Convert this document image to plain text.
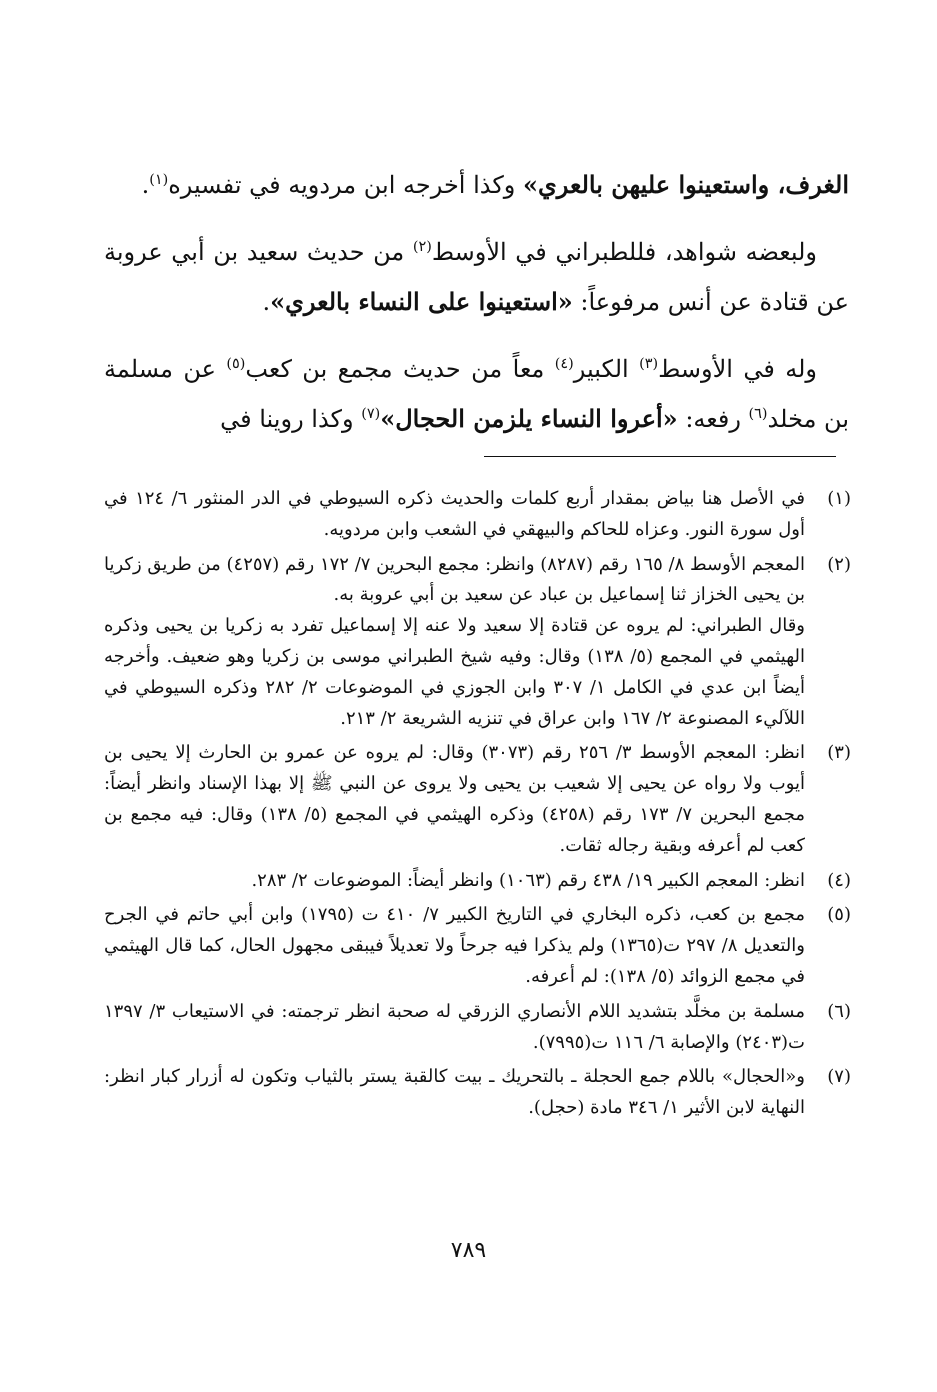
الغرف، واستعينوا عليهن بالعري» وكذا أخرجه ابن مردويه في تفسيره$^{(١)}$.

ولبعضه شواهد، فللطبراني في الأوسط$^{(٢)}$ من حديث سعيد بن أبي عروبة عن قتادة عن أنس مرفوعاً: «استعينوا على النساء بالعري».

وله في الأوسط$^{(٣)}$ الكبير$^{(٤)}$ معاً من حديث مجمع بن كعب$^{(٥)}$ عن مسلمة بن مخلد$^{(٦)}$ رفعه: «أعروا النساء يلزمن الحجال»$^{(٧)}$ وكذا روينا في

(١)

في الأصل هنا بياض بمقدار أربع كلمات والحديث ذكره السيوطي في الدر المنثور ٦/ ١٢٤ في أول سورة النور. وعزاه للحاكم والبيهقي في الشعب وابن مردويه.

(٢)

المعجم الأوسط ٨/ ١٦٥ رقم (٨٢٨٧) وانظر: مجمع البحرين ٧/ ١٧٢ رقم (٤٢٥٧) من طريق زكريا بن يحيى الخزاز ثنا إسماعيل بن عباد عن سعيد بن أبي عروبة به.

وقال الطبراني: لم يروه عن قتادة إلا سعيد ولا عنه إلا إسماعيل تفرد به زكريا بن يحيى وذكره الهيثمي في المجمع (٥/ ١٣٨) وقال: وفيه شيخ الطبراني موسى بن زكريا وهو ضعيف. وأخرجه أيضاً ابن عدي في الكامل ١/ ٣٠٧ وابن الجوزي في الموضوعات ٢/ ٢٨٢ وذكره السيوطي في اللآليء المصنوعة ٢/ ١٦٧ وابن عراق في تنزيه الشريعة ٢/ ٢١٣.

(٣)

انظر: المعجم الأوسط ٣/ ٢٥٦ رقم (٣٠٧٣) وقال: لم يروه عن عمرو بن الحارث إلا يحيى بن أيوب ولا رواه عن يحيى إلا شعيب بن يحيى ولا يروى عن النبي ﷺ إلا بهذا الإسناد وانظر أيضاً: مجمع البحرين ٧/ ١٧٣ رقم (٤٢٥٨) وذكره الهيثمي في المجمع (٥/ ١٣٨) وقال: فيه مجمع بن كعب لم أعرفه وبقية رجاله ثقات.

(٤)

انظر: المعجم الكبير ١٩/ ٤٣٨ رقم (١٠٦٣) وانظر أيضاً: الموضوعات ٢/ ٢٨٣.

(٥)

مجمع بن كعب، ذكره البخاري في التاريخ الكبير ٧/ ٤١٠ ت (١٧٩٥) وابن أبي حاتم في الجرح والتعديل ٨/ ٢٩٧ ت(١٣٦٥) ولم يذكرا فيه جرحاً ولا تعديلاً فيبقى مجهول الحال، كما قال الهيثمي في مجمع الزوائد (٥/ ١٣٨): لم أعرفه.

(٦)

مسلمة بن مخلَّد بتشديد اللام الأنصاري الزرقي له صحبة انظر ترجمته: في الاستيعاب ٣/ ١٣٩٧ ت(٢٤٠٣) والإصابة ٦/ ١١٦ ت(٧٩٩٥).

(٧)

و«الحجال» باللام جمع الحجلة ـ بالتحريك ـ بيت كالقبة يستر بالثياب وتكون له أزرار كبار انظر: النهاية لابن الأثير ١/ ٣٤٦ مادة (حجل).

٧٨٩
